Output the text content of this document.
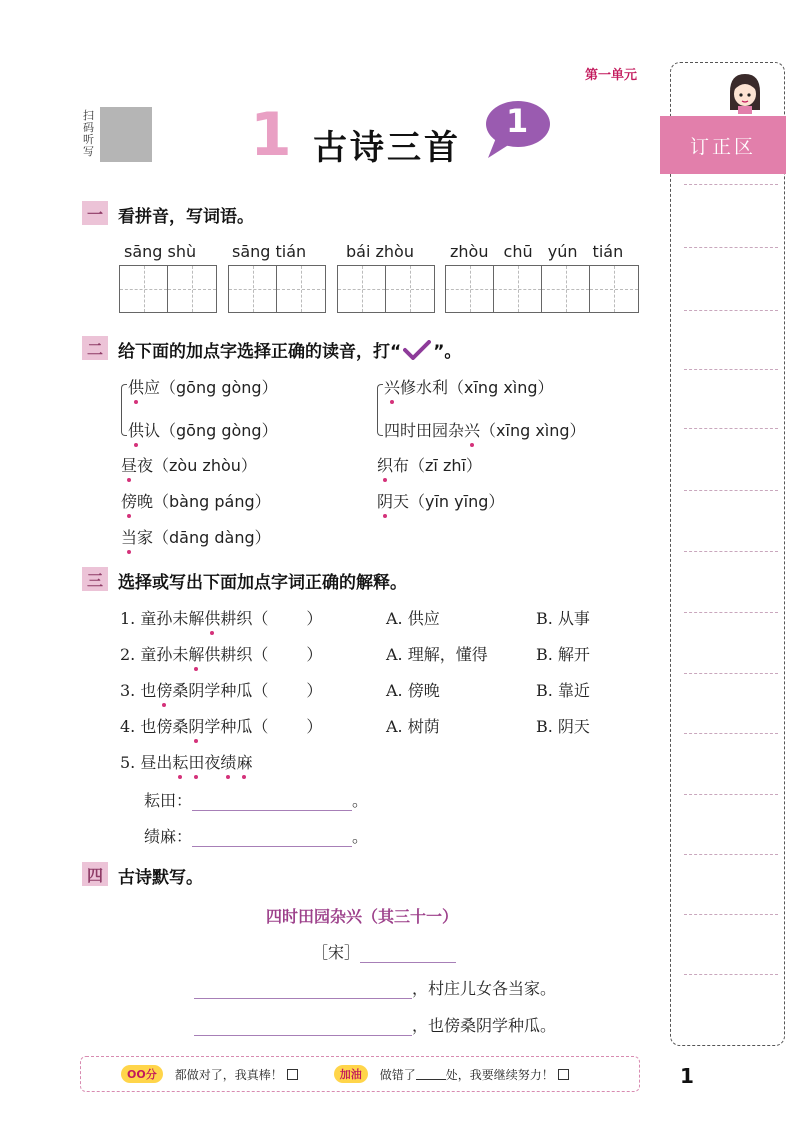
第一单元
扫码听写	1 古诗三首
1
一 看拼音，写词语。
sāng shù sāng tián bái zhòu zhòu chū yún tián
二 给下面的加点字选择正确的读音，打“ ”。
供应（gōng gòng）
供认（gōng gòng）
昼夜（zòu zhòu）
傍晚（bàng páng）
当家（dāng dàng）
兴修水利（xīng xìng）
四时田园杂兴（xīng xìng）
织布（zī zhī）
阴天（yīn yīng）
三 选择或写出下面加点字词正确的解释。
1. 童孙未解供耕织（ ）	A. 供应	B. 从事
2. 童孙未解供耕织（ ）	A. 理解，懂得	B. 解开
3. 也傍桑阴学种瓜（ ）	A. 傍晚	B. 靠近
4. 也傍桑阴学种瓜（ ）	A. 树荫	B. 阴天
5. 昼出耘田夜绩麻
耘田：	。
绩麻：	。
四 古诗默写。
四时田园杂兴（其三十一）
［宋］
，村庄儿女各当家。
，也傍桑阴学种瓜。
OO分	都做对了，我真棒！	加油	做错了	处，我要继续努力！	1
订正区
